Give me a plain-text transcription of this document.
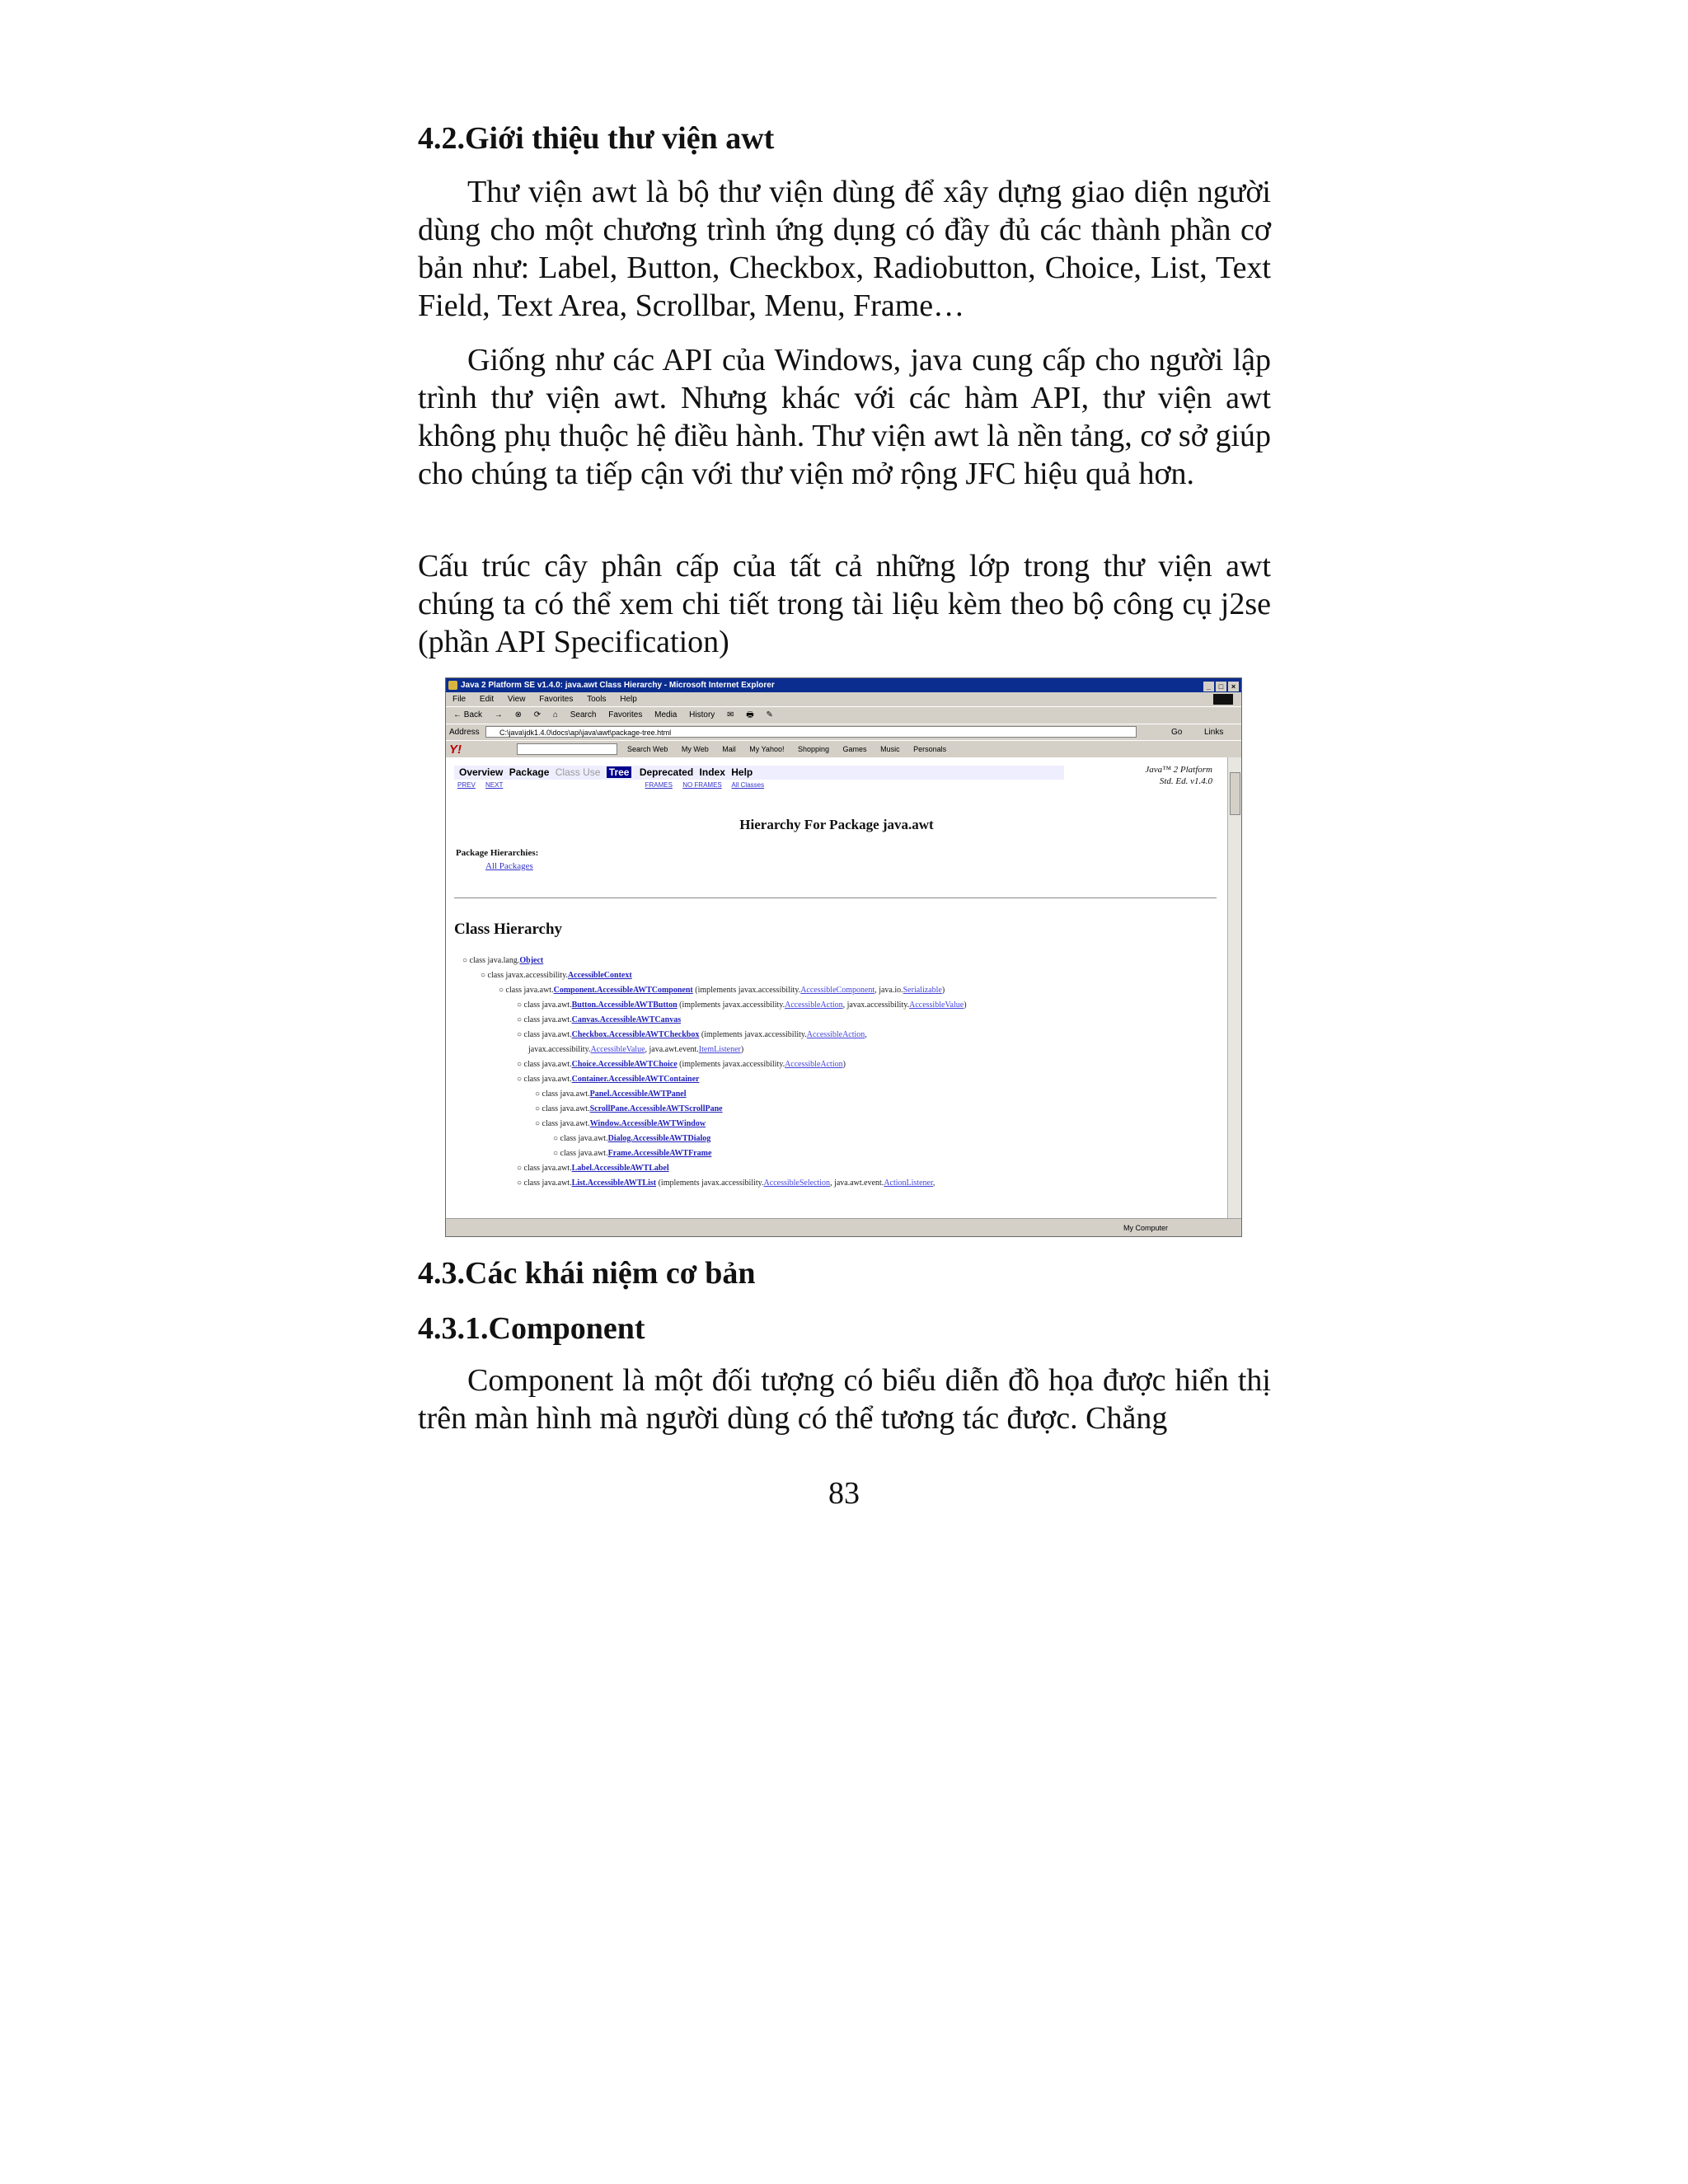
4.2.Giới thiệu thư viện awt

Thư viện awt là bộ thư viện dùng để xây dựng giao diện người dùng cho một chương trình ứng dụng có đầy đủ các thành phần cơ bản như: Label, Button, Checkbox, Radiobutton, Choice, List, Text Field, Text Area, Scrollbar, Menu, Frame…

Giống như các API của Windows, java cung cấp cho người lập trình thư viện awt. Nhưng khác với các hàm API, thư viện awt không phụ thuộc hệ điều hành. Thư viện awt là nền tảng, cơ sở giúp cho chúng ta tiếp cận với thư viện mở rộng JFC hiệu quả hơn.

Cấu trúc cây phân cấp của tất cả những lớp trong thư viện awt chúng ta có thể xem chi tiết trong tài liệu kèm theo bộ công cụ j2se (phần API Specification)

Java 2 Platform SE v1.4.0: java.awt Class Hierarchy - Microsoft Internet Explorer	_ □ ×
File Edit View Favorites Tools Help
← Back → ⊗ ⟳ ⌂ Search Favorites Media History ✉ 🖶 ✎
Address	C:\java\jdk1.4.0\docs\api\java\awt\package-tree.html	Go	Links
Y!	Search Web My Web Mail My Yahoo! Shopping Games Music Personals
Overview Package Class Use Tree Deprecated Index Help
PREV NEXT	FRAMES NO FRAMES All Classes
Java™ 2 Platform
Std. Ed. v1.4.0
Hierarchy For Package java.awt
Package Hierarchies:
All Packages
Class Hierarchy
○ class java.lang.Object
○ class javax.accessibility.AccessibleContext
○ class java.awt.Component.AccessibleAWTComponent (implements javax.accessibility.AccessibleComponent, java.io.Serializable)
○ class java.awt.Button.AccessibleAWTButton (implements javax.accessibility.AccessibleAction, javax.accessibility.AccessibleValue)
○ class java.awt.Canvas.AccessibleAWTCanvas
○ class java.awt.Checkbox.AccessibleAWTCheckbox (implements javax.accessibility.AccessibleAction,
javax.accessibility.AccessibleValue, java.awt.event.ItemListener)
○ class java.awt.Choice.AccessibleAWTChoice (implements javax.accessibility.AccessibleAction)
○ class java.awt.Container.AccessibleAWTContainer
○ class java.awt.Panel.AccessibleAWTPanel
○ class java.awt.ScrollPane.AccessibleAWTScrollPane
○ class java.awt.Window.AccessibleAWTWindow
○ class java.awt.Dialog.AccessibleAWTDialog
○ class java.awt.Frame.AccessibleAWTFrame
○ class java.awt.Label.AccessibleAWTLabel
○ class java.awt.List.AccessibleAWTList (implements javax.accessibility.AccessibleSelection, java.awt.event.ActionListener,
My Computer
4.3.Các khái niệm cơ bản
4.3.1.Component

Component là một đối tượng có biểu diễn đồ họa được hiển thị trên màn hình mà người dùng có thể tương tác được. Chẳng

83
